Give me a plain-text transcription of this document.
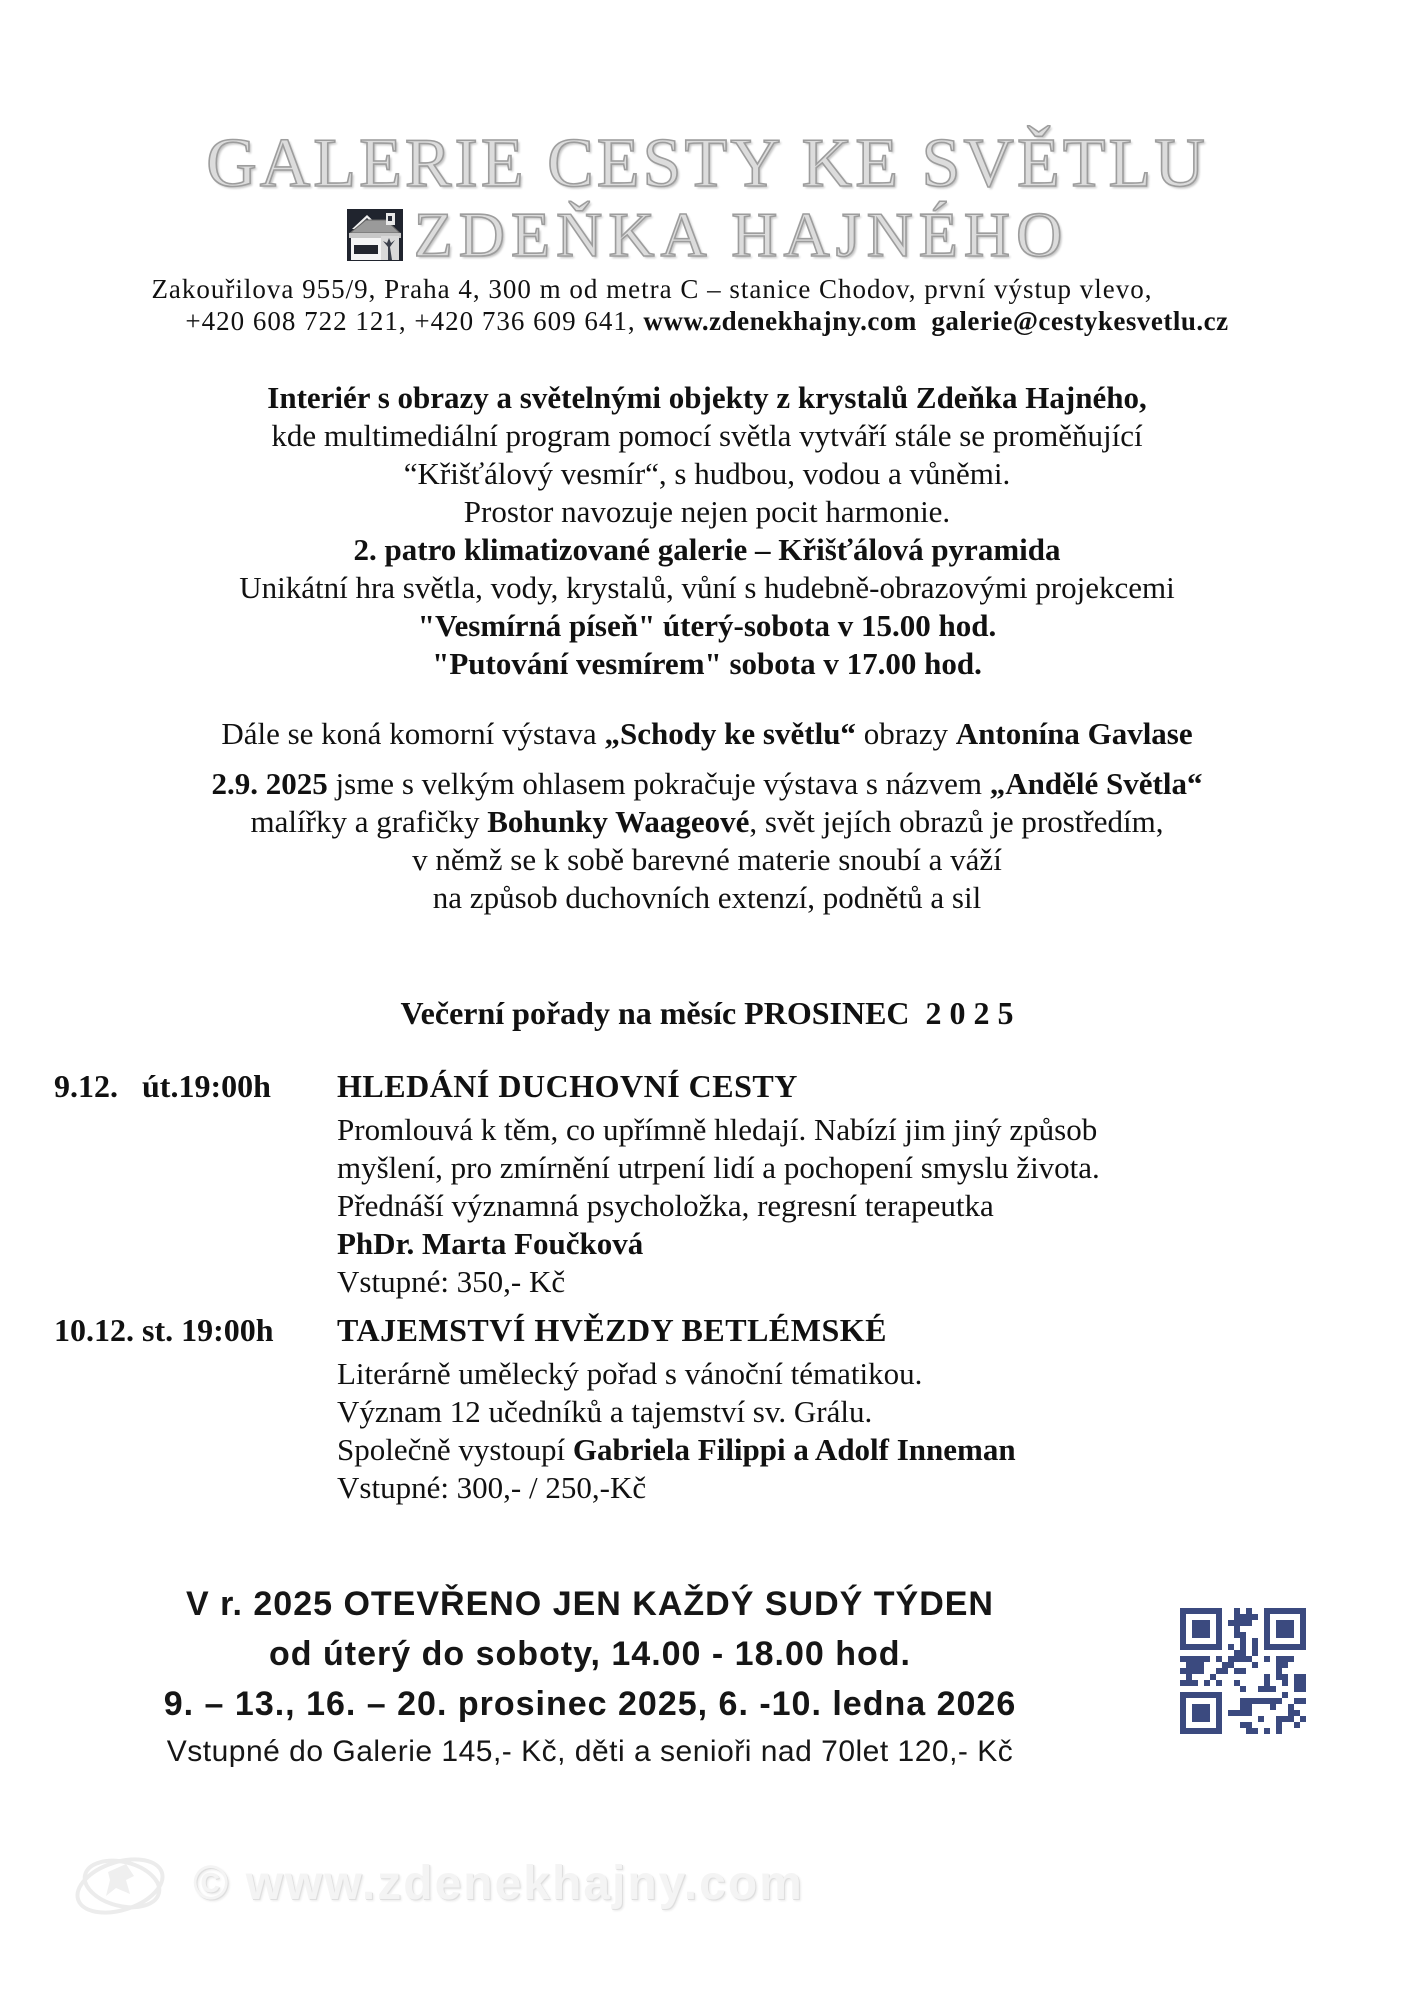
GALERIE CESTY KE SVĚTLU
ZDEŇKA HAJNÉHO
Zakouřilova 955/9, Praha 4, 300 m od metra C – stanice Chodov, první výstup vlevo,
+420 608 722 121, +420 736 609 641, www.zdenekhajny.com  galerie@cestykesvetlu.cz
Interiér s obrazy a světelnými objekty z krystalů Zdeňka Hajného,
kde multimediální program pomocí světla vytváří stále se proměňující
“Křišťálový vesmír“, s hudbou, vodou a vůněmi.
Prostor navozuje nejen pocit harmonie.
2. patro klimatizované galerie – Křišťálová pyramida
Unikátní hra světla, vody, krystalů, vůní s hudebně-obrazovými projekcemi
"Vesmírná píseň" úterý-sobota v 15.00 hod.
"Putování vesmírem" sobota v 17.00 hod.
Dále se koná komorní výstava „Schody ke světlu“ obrazy Antonína Gavlase
2.9. 2025 jsme s velkým ohlasem pokračuje výstava s názvem „Andělé Světla“
malířky a grafičky Bohunky Waageové, svět jejích obrazů je prostředím,
v němž se k sobě barevné materie snoubí a váží
na způsob duchovních extenzí, podnětů a sil
Večerní pořady na měsíc PROSINEC  2 0 2 5
9.12.   út.19:00h	HLEDÁNÍ DUCHOVNÍ CESTY
Promlouvá k těm, co upřímně hledají. Nabízí jim jiný způsob
myšlení, pro zmírnění utrpení lidí a pochopení smyslu života.
Přednáší významná psycholožka, regresní terapeutka
PhDr. Marta Foučková
Vstupné: 350,- Kč
10.12. st. 19:00h	TAJEMSTVÍ HVĚZDY BETLÉMSKÉ
Literárně umělecký pořad s vánoční tématikou.
Význam 12 učedníků a tajemství sv. Grálu.
Společně vystoupí Gabriela Filippi a Adolf Inneman
Vstupné: 300,- / 250,-Kč
V r. 2025 OTEVŘENO JEN KAŽDÝ SUDÝ TÝDEN
od úterý do soboty, 14.00 - 18.00 hod.
9. – 13., 16. – 20. prosinec 2025, 6. -10. ledna 2026
Vstupné do Galerie 145,- Kč, děti a senioři nad 70let 120,- Kč
© www.zdenekhajny.com
